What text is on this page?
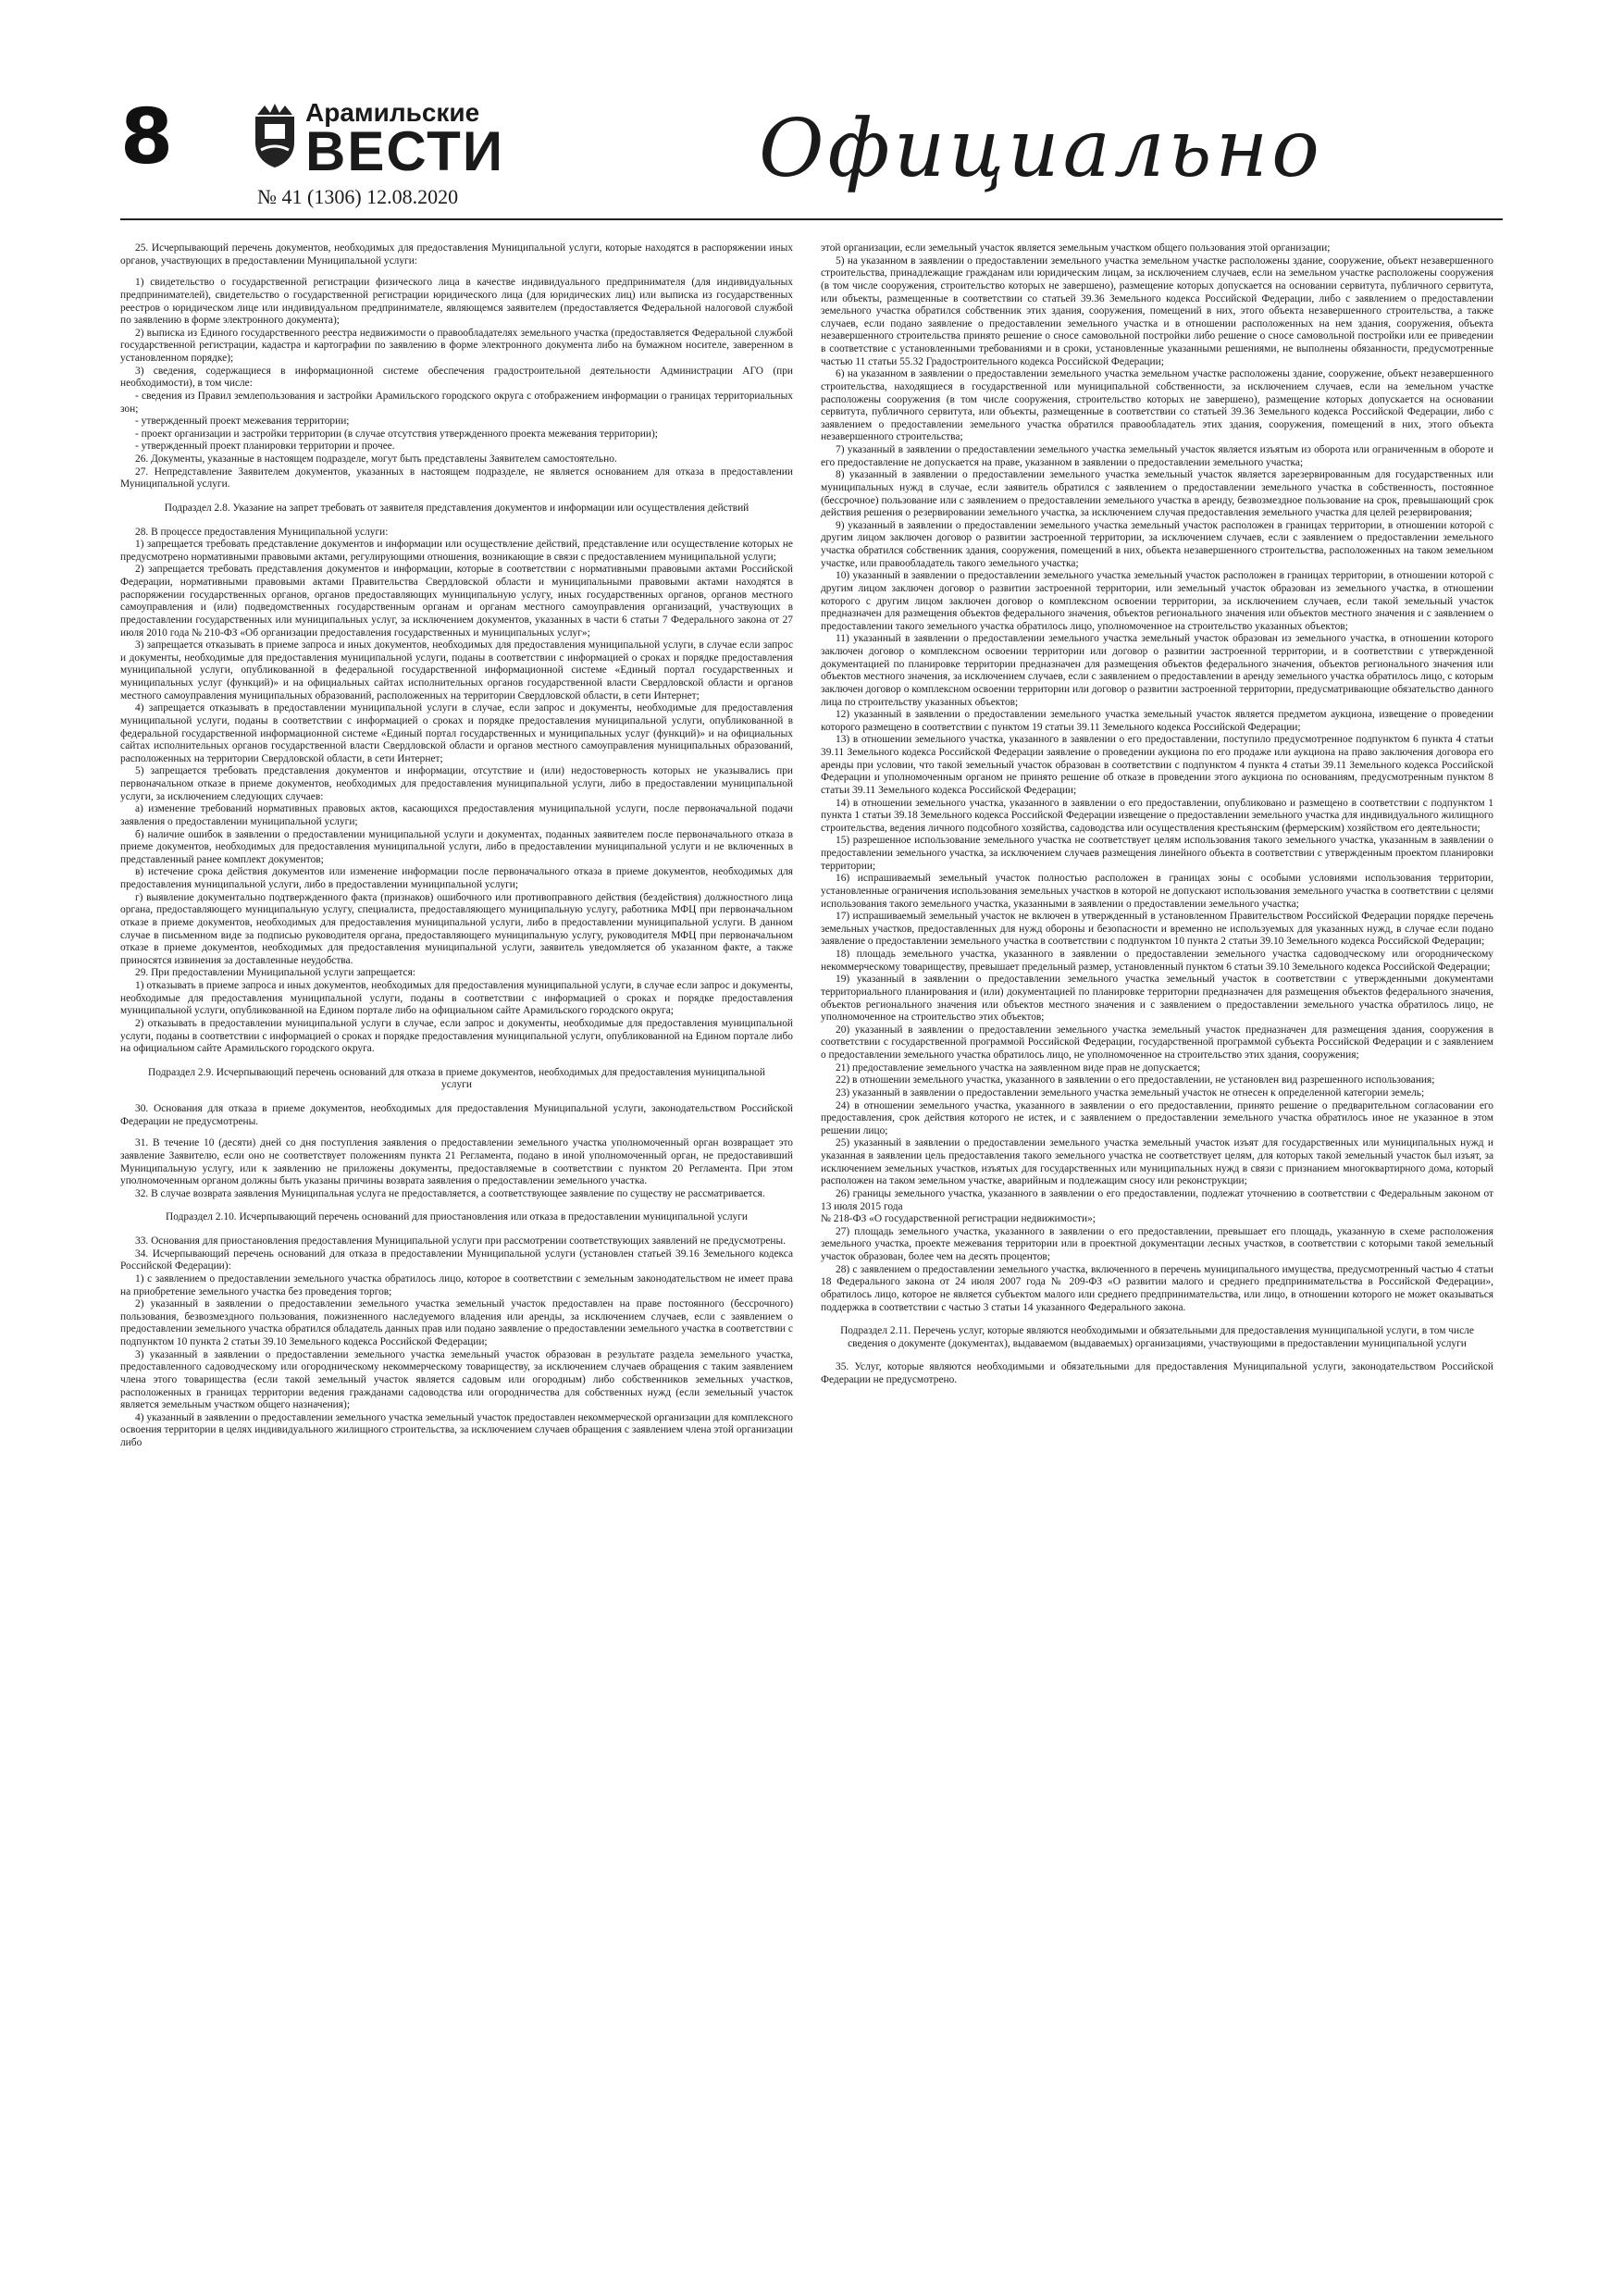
8	Арамильские
ВЕСТИ
№ 41 (1306) 12.08.2020
Официально

25. Исчерпывающий перечень документов, необходимых для предоставления Муниципальной услуги, которые находятся в распоряжении иных органов, участвующих в предоставлении Муниципальной услуги:

1) свидетельство о государственной регистрации физического лица в качестве индивидуального предпринимателя (для индивидуальных предпринимателей), свидетельство о государственной регистрации юридического лица (для юридических лиц) или выписка из государственных реестров о юридическом лице или индивидуальном предпринимателе, являющемся заявителем (предоставляется Федеральной налоговой службой по заявлению в форме электронного документа);

2) выписка из Единого государственного реестра недвижимости о правообладателях земельного участка (предоставляется Федеральной службой государственной регистрации, кадастра и картографии по заявлению в форме электронного документа либо на бумажном носителе, заверенном в установленном порядке);

3) сведения, содержащиеся в информационной системе обеспечения градостроительной деятельности Администрации АГО (при необходимости), в том числе:

- сведения из Правил землепользования и застройки Арамильского городского округа с отображением информации о границах территориальных зон;

- утвержденный проект межевания территории;

- проект организации и застройки территории (в случае отсутствия утвержденного проекта межевания территории);

- утвержденный проект планировки территории и прочее.

26. Документы, указанные в настоящем подразделе, могут быть представлены Заявителем самостоятельно.

27. Непредставление Заявителем документов, указанных в настоящем подразделе, не является основанием для отказа в предоставлении Муниципальной услуги.

Подраздел 2.8. Указание на запрет требовать от заявителя представления документов и информации или осуществления действий

28. В процессе предоставления Муниципальной услуги:

1) запрещается требовать представление документов и информации или осуществление действий, представление или осуществление которых не предусмотрено нормативными правовыми актами, регулирующими отношения, возникающие в связи с предоставлением муниципальной услуги;

2) запрещается требовать представления документов и информации, которые в соответствии с нормативными правовыми актами Российской Федерации, нормативными правовыми актами Правительства Свердловской области и муниципальными правовыми актами находятся в распоряжении государственных органов, органов предоставляющих муниципальную услугу, иных государственных органов, органов местного самоуправления и (или) подведомственных государственным органам и органам местного самоуправления организаций, участвующих в предоставлении государственных или муниципальных услуг, за исключением документов, указанных в части 6 статьи 7 Федерального закона от 27 июля 2010 года № 210-ФЗ «Об организации предоставления государственных и муниципальных услуг»;

3) запрещается отказывать в приеме запроса и иных документов, необходимых для предоставления муниципальной услуги, в случае если запрос и документы, необходимые для предоставления муниципальной услуги, поданы в соответствии с информацией о сроках и порядке предоставления муниципальной услуги, опубликованной в федеральной государственной информационной системе «Единый портал государственных и муниципальных услуг (функций)» и на официальных сайтах исполнительных органов государственной власти Свердловской области и органов местного самоуправления муниципальных образований, расположенных на территории Свердловской области, в сети Интернет;

4) запрещается отказывать в предоставлении муниципальной услуги в случае, если запрос и документы, необходимые для предоставления муниципальной услуги, поданы в соответствии с информацией о сроках и порядке предоставления муниципальной услуги, опубликованной в федеральной государственной информационной системе «Единый портал государственных и муниципальных услуг (функций)» и на официальных сайтах исполнительных органов государственной власти Свердловской области и органов местного самоуправления муниципальных образований, расположенных на территории Свердловской области, в сети Интернет;

5) запрещается требовать представления документов и информации, отсутствие и (или) недостоверность которых не указывались при первоначальном отказе в приеме документов, необходимых для предоставления муниципальной услуги, либо в предоставлении муниципальной услуги, за исключением следующих случаев:

а) изменение требований нормативных правовых актов, касающихся предоставления муниципальной услуги, после первоначальной подачи заявления о предоставлении муниципальной услуги;

б) наличие ошибок в заявлении о предоставлении муниципальной услуги и документах, поданных заявителем после первоначального отказа в приеме документов, необходимых для предоставления муниципальной услуги, либо в предоставлении муниципальной услуги и не включенных в представленный ранее комплект документов;

в) истечение срока действия документов или изменение информации после первоначального отказа в приеме документов, необходимых для предоставления муниципальной услуги, либо в предоставлении муниципальной услуги;

г) выявление документально подтвержденного факта (признаков) ошибочного или противоправного действия (бездействия) должностного лица органа, предоставляющего муниципальную услугу, специалиста, предоставляющего муниципальную услугу, работника МФЦ при первоначальном отказе в приеме документов, необходимых для предоставления муниципальной услуги, либо в предоставлении муниципальной услуги. В данном случае в письменном виде за подписью руководителя органа, предоставляющего муниципальную услугу, руководителя МФЦ при первоначальном отказе в приеме документов, необходимых для предоставления муниципальной услуги, заявитель уведомляется об указанном факте, а также приносятся извинения за доставленные неудобства.

29. При предоставлении Муниципальной услуги запрещается:

1) отказывать в приеме запроса и иных документов, необходимых для предоставления муниципальной услуги, в случае если запрос и документы, необходимые для предоставления муниципальной услуги, поданы в соответствии с информацией о сроках и порядке предоставления муниципальной услуги, опубликованной на Едином портале либо на официальном сайте Арамильского городского округа;

2) отказывать в предоставлении муниципальной услуги в случае, если запрос и документы, необходимые для предоставления муниципальной услуги, поданы в соответствии с информацией о сроках и порядке предоставления муниципальной услуги, опубликованной на Едином портале либо на официальном сайте Арамильского городского округа.

Подраздел 2.9. Исчерпывающий перечень оснований для отказа в приеме документов, необходимых для предоставления муниципальной услуги

30. Основания для отказа в приеме документов, необходимых для предоставления Муниципальной услуги, законодательством Российской Федерации не предусмотрены.

31. В течение 10 (десяти) дней со дня поступления заявления о предоставлении земельного участка уполномоченный орган возвращает это заявление Заявителю, если оно не соответствует положениям пункта 21 Регламента, подано в иной уполномоченный орган, не предоставивший Муниципальную услугу, или к заявлению не приложены документы, предоставляемые в соответствии с пунктом 20 Регламента. При этом уполномоченным органом должны быть указаны причины возврата заявления о предоставлении земельного участка.

32. В случае возврата заявления Муниципальная услуга не предоставляется, а соответствующее заявление по существу не рассматривается.

Подраздел 2.10. Исчерпывающий перечень оснований для приостановления или отказа в предоставлении муниципальной услуги

33. Основания для приостановления предоставления Муниципальной услуги при рассмотрении соответствующих заявлений не предусмотрены.

34. Исчерпывающий перечень оснований для отказа в предоставлении Муниципальной услуги (установлен статьей 39.16 Земельного кодекса Российской Федерации):

1) с заявлением о предоставлении земельного участка обратилось лицо, которое в соответствии с земельным законодательством не имеет права на приобретение земельного участка без проведения торгов;

2) указанный в заявлении о предоставлении земельного участка земельный участок предоставлен на праве постоянного (бессрочного) пользования, безвозмездного пользования, пожизненного наследуемого владения или аренды, за исключением случаев, если с заявлением о предоставлении земельного участка обратился обладатель данных прав или подано заявление о предоставлении земельного участка в соответствии с подпунктом 10 пункта 2 статьи 39.10 Земельного кодекса Российской Федерации;

3) указанный в заявлении о предоставлении земельного участка земельный участок образован в результате раздела земельного участка, предоставленного садоводческому или огородническому некоммерческому товариществу, за исключением случаев обращения с таким заявлением члена этого товарищества (если такой земельный участок является садовым или огородным) либо собственников земельных участков, расположенных в границах территории ведения гражданами садоводства или огородничества для собственных нужд (если земельный участок является земельным участком общего назначения);

4) указанный в заявлении о предоставлении земельного участка земельный участок предоставлен некоммерческой организации для комплексного освоения территории в целях индивидуального жилищного строительства, за исключением случаев обращения с заявлением члена этой организации либо

этой организации, если земельный участок является земельным участком общего пользования этой организации;

5) на указанном в заявлении о предоставлении земельного участка земельном участке расположены здание, сооружение, объект незавершенного строительства, принадлежащие гражданам или юридическим лицам, за исключением случаев, если на земельном участке расположены сооружения (в том числе сооружения, строительство которых не завершено), размещение которых допускается на основании сервитута, публичного сервитута, или объекты, размещенные в соответствии со статьей 39.36 Земельного кодекса Российской Федерации, либо с заявлением о предоставлении земельного участка обратился собственник этих здания, сооружения, помещений в них, этого объекта незавершенного строительства, а также случаев, если подано заявление о предоставлении земельного участка и в отношении расположенных на нем здания, сооружения, объекта незавершенного строительства принято решение о сносе самовольной постройки либо решение о сносе самовольной постройки или ее приведении в соответствие с установленными требованиями и в сроки, установленные указанными решениями, не выполнены обязанности, предусмотренные частью 11 статьи 55.32 Градостроительного кодекса Российской Федерации;

6) на указанном в заявлении о предоставлении земельного участка земельном участке расположены здание, сооружение, объект незавершенного строительства, находящиеся в государственной или муниципальной собственности, за исключением случаев, если на земельном участке расположены сооружения (в том числе сооружения, строительство которых не завершено), размещение которых допускается на основании сервитута, публичного сервитута, или объекты, размещенные в соответствии со статьей 39.36 Земельного кодекса Российской Федерации, либо с заявлением о предоставлении земельного участка обратился правообладатель этих здания, сооружения, помещений в них, этого объекта незавершенного строительства;

7) указанный в заявлении о предоставлении земельного участка земельный участок является изъятым из оборота или ограниченным в обороте и его предоставление не допускается на праве, указанном в заявлении о предоставлении земельного участка;

8) указанный в заявлении о предоставлении земельного участка земельный участок является зарезервированным для государственных или муниципальных нужд в случае, если заявитель обратился с заявлением о предоставлении земельного участка в собственность, постоянное (бессрочное) пользование или с заявлением о предоставлении земельного участка в аренду, безвозмездное пользование на срок, превышающий срок действия решения о резервировании земельного участка, за исключением случая предоставления земельного участка для целей резервирования;

9) указанный в заявлении о предоставлении земельного участка земельный участок расположен в границах территории, в отношении которой с другим лицом заключен договор о развитии застроенной территории, за исключением случаев, если с заявлением о предоставлении земельного участка обратился собственник здания, сооружения, помещений в них, объекта незавершенного строительства, расположенных на таком земельном участке, или правообладатель такого земельного участка;

10) указанный в заявлении о предоставлении земельного участка земельный участок расположен в границах территории, в отношении которой с другим лицом заключен договор о развитии застроенной территории, или земельный участок образован из земельного участка, в отношении которого с другим лицом заключен договор о комплексном освоении территории, за исключением случаев, если такой земельный участок предназначен для размещения объектов федерального значения, объектов регионального значения или объектов местного значения и с заявлением о предоставлении такого земельного участка обратилось лицо, уполномоченное на строительство указанных объектов;

11) указанный в заявлении о предоставлении земельного участка земельный участок образован из земельного участка, в отношении которого заключен договор о комплексном освоении территории или договор о развитии застроенной территории, и в соответствии с утвержденной документацией по планировке территории предназначен для размещения объектов федерального значения, объектов регионального значения или объектов местного значения, за исключением случаев, если с заявлением о предоставлении в аренду земельного участка обратилось лицо, с которым заключен договор о комплексном освоении территории или договор о развитии застроенной территории, предусматривающие обязательство данного лица по строительству указанных объектов;

12) указанный в заявлении о предоставлении земельного участка земельный участок является предметом аукциона, извещение о проведении которого размещено в соответствии с пунктом 19 статьи 39.11 Земельного кодекса Российской Федерации;

13) в отношении земельного участка, указанного в заявлении о его предоставлении, поступило предусмотренное подпунктом 6 пункта 4 статьи 39.11 Земельного кодекса Российской Федерации заявление о проведении аукциона по его продаже или аукциона на право заключения договора его аренды при условии, что такой земельный участок образован в соответствии с подпунктом 4 пункта 4 статьи 39.11 Земельного кодекса Российской Федерации и уполномоченным органом не принято решение об отказе в проведении этого аукциона по основаниям, предусмотренным пунктом 8 статьи 39.11 Земельного кодекса Российской Федерации;

14) в отношении земельного участка, указанного в заявлении о его предоставлении, опубликовано и размещено в соответствии с подпунктом 1 пункта 1 статьи 39.18 Земельного кодекса Российской Федерации извещение о предоставлении земельного участка для индивидуального жилищного строительства, ведения личного подсобного хозяйства, садоводства или осуществления крестьянским (фермерским) хозяйством его деятельности;

15) разрешенное использование земельного участка не соответствует целям использования такого земельного участка, указанным в заявлении о предоставлении земельного участка, за исключением случаев размещения линейного объекта в соответствии с утвержденным проектом планировки территории;

16) испрашиваемый земельный участок полностью расположен в границах зоны с особыми условиями использования территории, установленные ограничения использования земельных участков в которой не допускают использования земельного участка в соответствии с целями использования такого земельного участка, указанными в заявлении о предоставлении земельного участка;

17) испрашиваемый земельный участок не включен в утвержденный в установленном Правительством Российской Федерации порядке перечень земельных участков, предоставленных для нужд обороны и безопасности и временно не используемых для указанных нужд, в случае если подано заявление о предоставлении земельного участка в соответствии с подпунктом 10 пункта 2 статьи 39.10 Земельного кодекса Российской Федерации;

18) площадь земельного участка, указанного в заявлении о предоставлении земельного участка садоводческому или огородническому некоммерческому товариществу, превышает предельный размер, установленный пунктом 6 статьи 39.10 Земельного кодекса Российской Федерации;

19) указанный в заявлении о предоставлении земельного участка земельный участок в соответствии с утвержденными документами территориального планирования и (или) документацией по планировке территории предназначен для размещения объектов федерального значения, объектов регионального значения или объектов местного значения и с заявлением о предоставлении земельного участка обратилось лицо, не уполномоченное на строительство этих объектов;

20) указанный в заявлении о предоставлении земельного участка земельный участок предназначен для размещения здания, сооружения в соответствии с государственной программой Российской Федерации, государственной программой субъекта Российской Федерации и с заявлением о предоставлении земельного участка обратилось лицо, не уполномоченное на строительство этих здания, сооружения;

21) предоставление земельного участка на заявленном виде прав не допускается;

22) в отношении земельного участка, указанного в заявлении о его предоставлении, не установлен вид разрешенного использования;

23) указанный в заявлении о предоставлении земельного участка земельный участок не отнесен к определенной категории земель;

24) в отношении земельного участка, указанного в заявлении о его предоставлении, принято решение о предварительном согласовании его предоставления, срок действия которого не истек, и с заявлением о предоставлении земельного участка обратилось иное не указанное в этом решении лицо;

25) указанный в заявлении о предоставлении земельного участка земельный участок изъят для государственных или муниципальных нужд и указанная в заявлении цель предоставления такого земельного участка не соответствует целям, для которых такой земельный участок был изъят, за исключением земельных участков, изъятых для государственных или муниципальных нужд в связи с признанием многоквартирного дома, который расположен на таком земельном участке, аварийным и подлежащим сносу или реконструкции;

26) границы земельного участка, указанного в заявлении о его предоставлении, подлежат уточнению в соответствии с Федеральным законом от 13 июля 2015 года

№ 218-ФЗ «О государственной регистрации недвижимости»;

27) площадь земельного участка, указанного в заявлении о его предоставлении, превышает его площадь, указанную в схеме расположения земельного участка, проекте межевания территории или в проектной документации лесных участков, в соответствии с которыми такой земельный участок образован, более чем на десять процентов;

28) с заявлением о предоставлении земельного участка, включенного в перечень муниципального имущества, предусмотренный частью 4 статьи 18 Федерального закона от 24 июля 2007 года № 209-ФЗ «О развитии малого и среднего предпринимательства в Российской Федерации», обратилось лицо, которое не является субъектом малого или среднего предпринимательства, или лицо, в отношении которого не может оказываться поддержка в соответствии с частью 3 статьи 14 указанного Федерального закона.

Подраздел 2.11. Перечень услуг, которые являются необходимыми и обязательными для предоставления муниципальной услуги, в том числе сведения о документе (документах), выдаваемом (выдаваемых) организациями, участвующими в предоставлении муниципальной услуги

35. Услуг, которые являются необходимыми и обязательными для предоставления Муниципальной услуги, законодательством Российской Федерации не предусмотрено.
